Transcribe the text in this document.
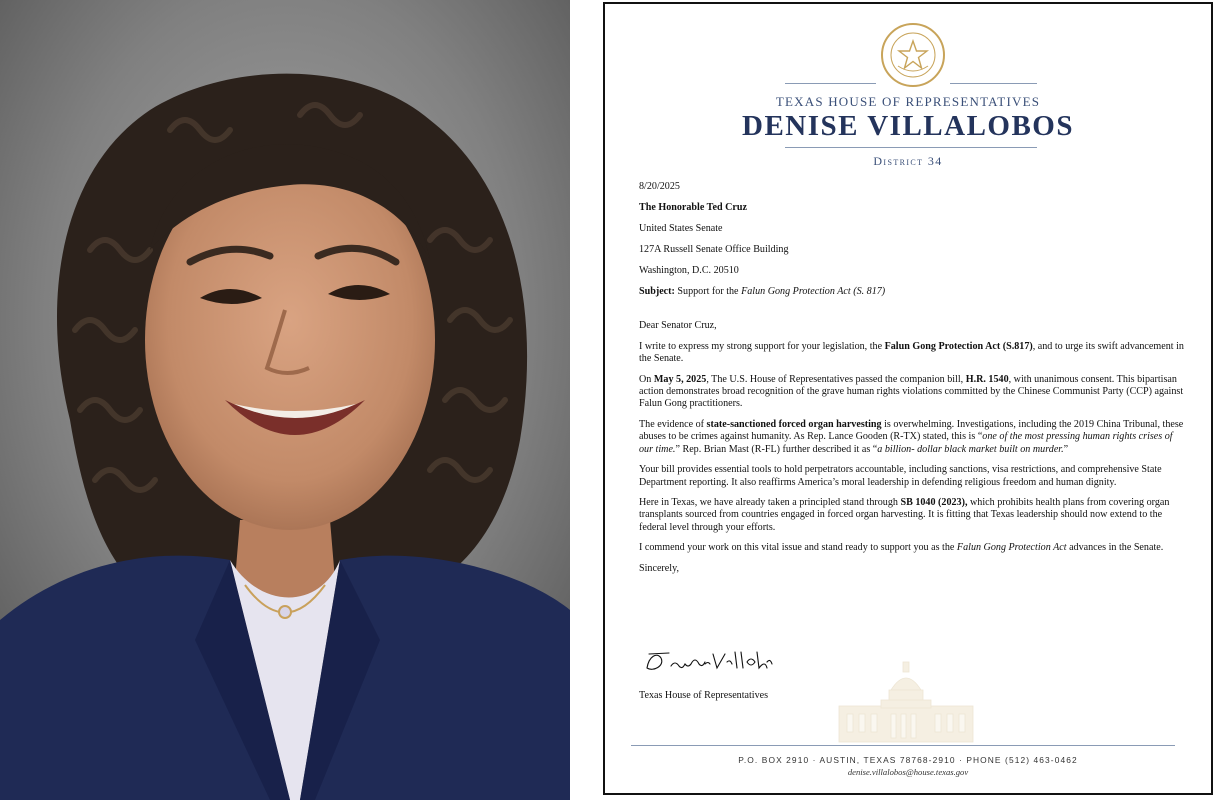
TEXAS HOUSE OF REPRESENTATIVES
DENISE VILLALOBOS
District 34

8/20/2025

The Honorable Ted Cruz

United States Senate

127A Russell Senate Office Building

Washington, D.C. 20510

Subject: Support for the Falun Gong Protection Act (S. 817)

Dear Senator Cruz,

I write to express my strong support for your legislation, the Falun Gong Protection Act (S.817), and to urge its swift advancement in the Senate.

On May 5, 2025, The U.S. House of Representatives passed the companion bill, H.R. 1540, with unanimous consent. This bipartisan action demonstrates broad recognition of the grave human rights violations committed by the Chinese Communist Party (CCP) against Falun Gong practitioners.

The evidence of state-sanctioned forced organ harvesting is overwhelming. Investigations, including the 2019 China Tribunal, these abuses to be crimes against humanity. As Rep. Lance Gooden (R-TX) stated, this is “one of the most pressing human rights crises of our time.” Rep. Brian Mast (R-FL) further described it as “a billion- dollar black market built on murder.”

Your bill provides essential tools to hold perpetrators accountable, including sanctions, visa restrictions, and comprehensive State Department reporting. It also reaffirms America’s moral leadership in defending religious freedom and human dignity.

Here in Texas, we have already taken a principled stand through SB 1040 (2023), which prohibits health plans from covering organ transplants sourced from countries engaged in forced organ harvesting. It is fitting that Texas leadership should now extend to the federal level through your efforts.

I commend your work on this vital issue and stand ready to support you as the Falun Gong Protection Act advances in the Senate.

Sincerely,

Texas House of Representatives
P.O. BOX 2910 · AUSTIN, TEXAS 78768-2910 · PHONE (512) 463-0462
denise.villalobos@house.texas.gov
